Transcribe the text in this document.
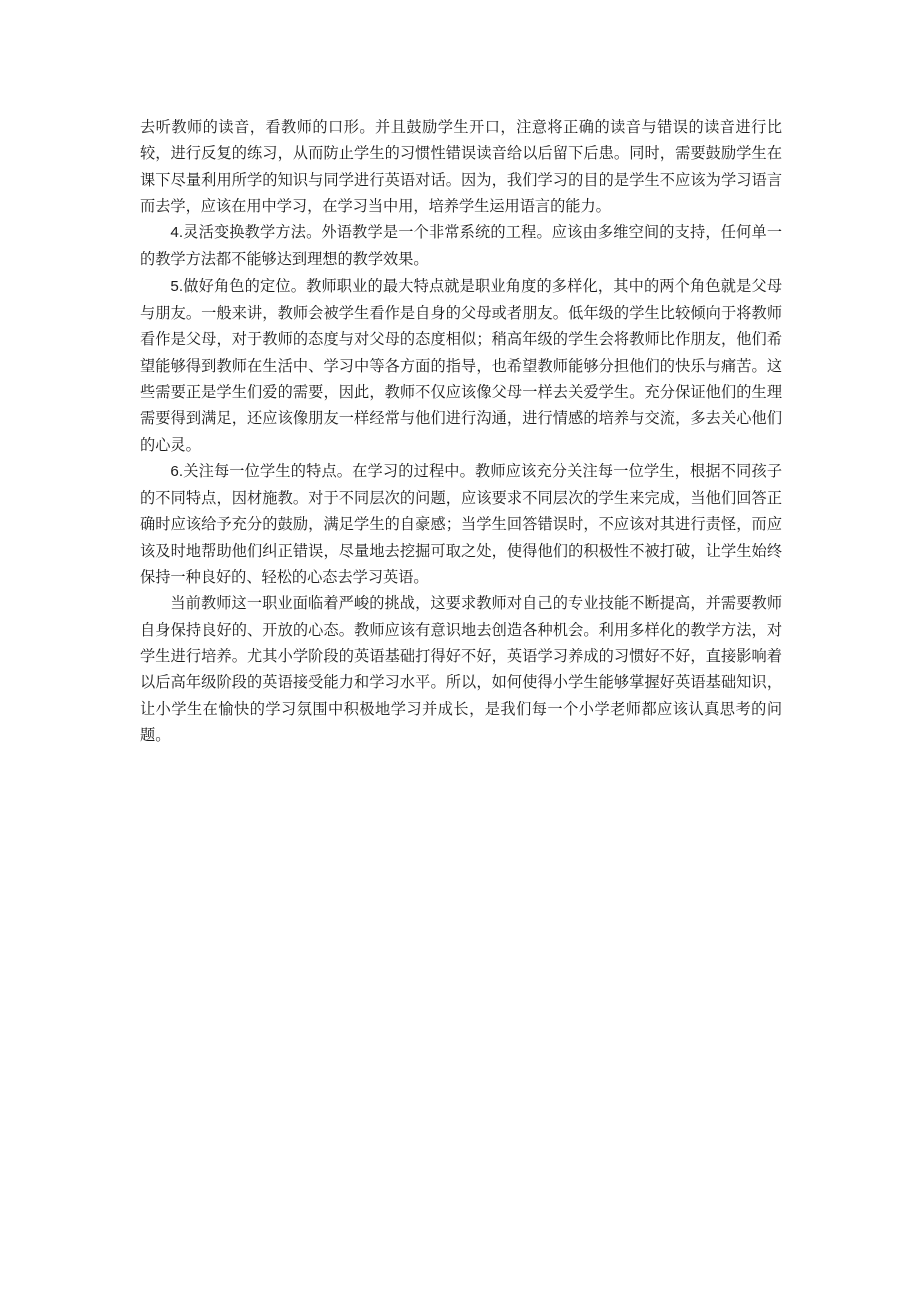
去听教师的读音，看教师的口形。并且鼓励学生开口，注意将正确的读音与错误的读音进行比较，进行反复的练习，从而防止学生的习惯性错误读音给以后留下后患。同时，需要鼓励学生在课下尽量利用所学的知识与同学进行英语对话。因为，我们学习的目的是学生不应该为学习语言而去学，应该在用中学习，在学习当中用，培养学生运用语言的能力。

4.灵活变换教学方法。外语教学是一个非常系统的工程。应该由多维空间的支持，任何单一的教学方法都不能够达到理想的教学效果。

5.做好角色的定位。教师职业的最大特点就是职业角度的多样化，其中的两个角色就是父母与朋友。一般来讲，教师会被学生看作是自身的父母或者朋友。低年级的学生比较倾向于将教师看作是父母，对于教师的态度与对父母的态度相似；稍高年级的学生会将教师比作朋友，他们希望能够得到教师在生活中、学习中等各方面的指导，也希望教师能够分担他们的快乐与痛苦。这些需要正是学生们爱的需要，因此，教师不仅应该像父母一样去关爱学生。充分保证他们的生理需要得到满足，还应该像朋友一样经常与他们进行沟通，进行情感的培养与交流，多去关心他们的心灵。

6.关注每一位学生的特点。在学习的过程中。教师应该充分关注每一位学生，根据不同孩子的不同特点，因材施教。对于不同层次的问题，应该要求不同层次的学生来完成，当他们回答正确时应该给予充分的鼓励，满足学生的自豪感；当学生回答错误时，不应该对其进行责怪，而应该及时地帮助他们纠正错误，尽量地去挖掘可取之处，使得他们的积极性不被打破，让学生始终保持一种良好的、轻松的心态去学习英语。

当前教师这一职业面临着严峻的挑战，这要求教师对自己的专业技能不断提高，并需要教师自身保持良好的、开放的心态。教师应该有意识地去创造各种机会。利用多样化的教学方法，对学生进行培养。尤其小学阶段的英语基础打得好不好，英语学习养成的习惯好不好，直接影响着以后高年级阶段的英语接受能力和学习水平。所以，如何使得小学生能够掌握好英语基础知识，让小学生在愉快的学习氛围中积极地学习并成长，是我们每一个小学老师都应该认真思考的问题。
